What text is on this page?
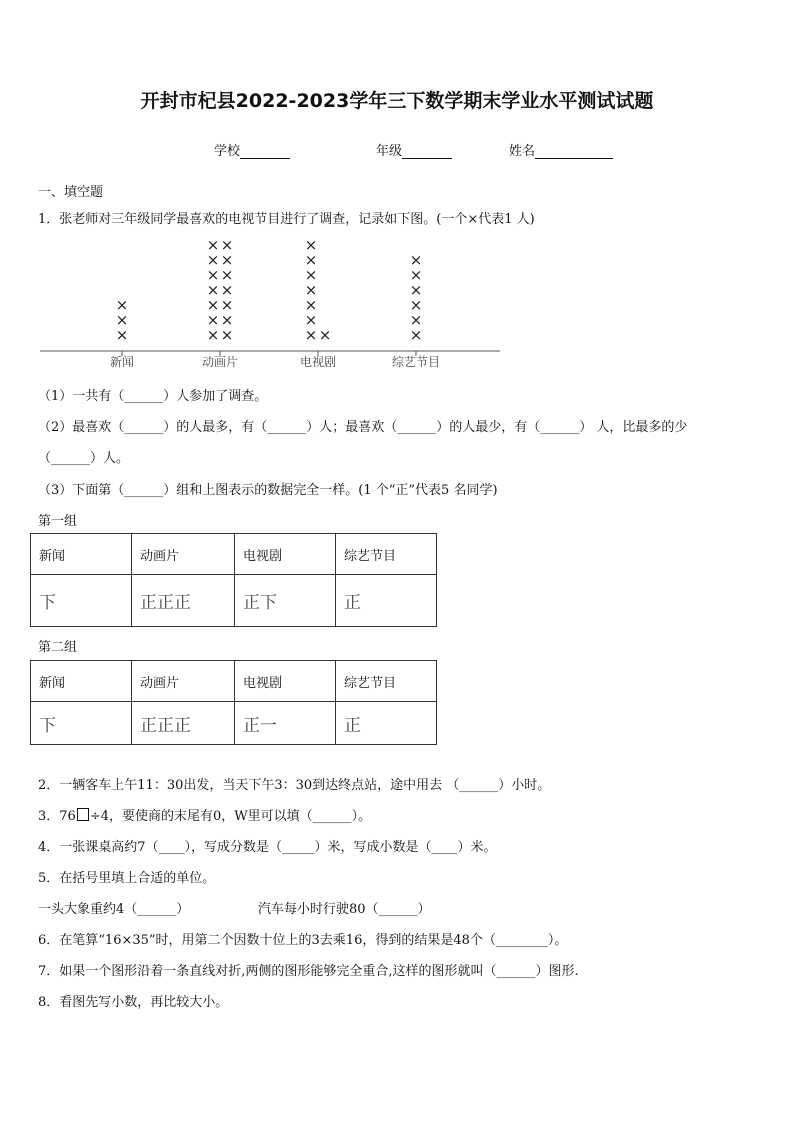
开封市杞县2022-2023学年三下数学期末学业水平测试试题
学校	年级	姓名
一、填空题
1．张老师对三年级同学最喜欢的电视节目进行了调查，记录如下图。(一个×代表1 人)
新闻
×
×
×
动画片
× ×
× ×
× ×
× ×
× ×
× ×
× ×
电视剧
×
×
×
×
×
×
×
×
综艺节目
×
×
×
×
×
×
（1）一共有（______）人参加了调查。
（2）最喜欢（______）的人最多，有（______）人；最喜欢（______）的人最少，有（______） 人，比最多的少
（______）人。
（3）下面第（______）组和上图表示的数据完全一样。(1 个“正”代表5 名同学)
第一组
新闻	动画片	电视剧	综艺节目
下	正正正	正下	正
第二组
新闻	动画片	电视剧	综艺节目
下	正正正	正一	正
2．一辆客车上午11：30出发，当天下午3：30到达终点站，途中用去 （______）小时。
3．76 ÷4，要使商的末尾有0，W里可以填（______）。
4．一张课桌高约7（____），写成分数是（_____）米，写成小数是（____）米。
5．在括号里填上合适的单位。
一头大象重约4（______）	汽车每小时行驶80（______）
6．在笔算“16×35”时，用第二个因数十位上的3去乘16，得到的结果是48个（________）。
7．如果一个图形沿着一条直线对折,两侧的图形能够完全重合,这样的图形就叫（______）图形.
8．看图先写小数，再比较大小。
